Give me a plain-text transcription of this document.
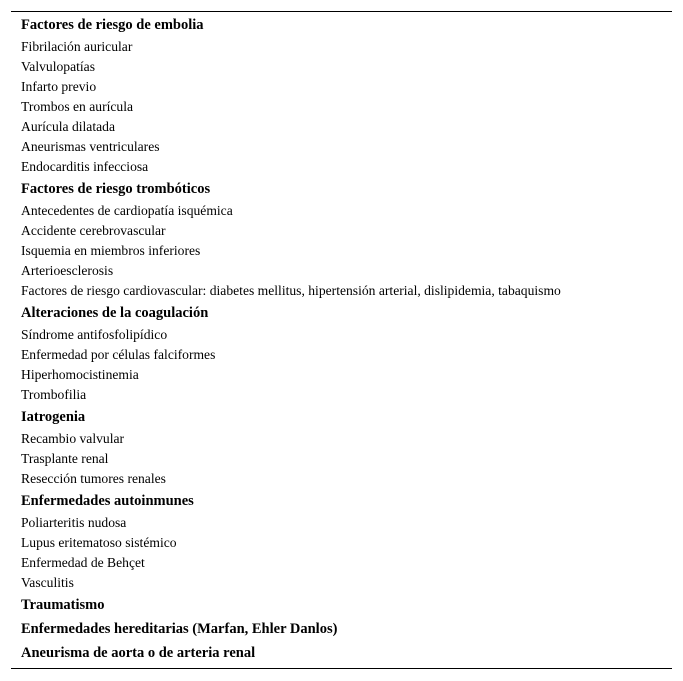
Factores de riesgo de embolia
Fibrilación auricular
Valvulopatías
Infarto previo
Trombos en aurícula
Aurícula dilatada
Aneurismas ventriculares
Endocarditis infecciosa
Factores de riesgo trombóticos
Antecedentes de cardiopatía isquémica
Accidente cerebrovascular
Isquemia en miembros inferiores
Arterioesclerosis
Factores de riesgo cardiovascular: diabetes mellitus, hipertensión arterial, dislipidemia, tabaquismo
Alteraciones de la coagulación
Síndrome antifosfolipídico
Enfermedad por células falciformes
Hiperhomocistinemia
Trombofilia
Iatrogenia
Recambio valvular
Trasplante renal
Resección tumores renales
Enfermedades autoinmunes
Poliarteritis nudosa
Lupus eritematoso sistémico
Enfermedad de Behçet
Vasculitis
Traumatismo
Enfermedades hereditarias (Marfan, Ehler Danlos)
Aneurisma de aorta o de arteria renal
